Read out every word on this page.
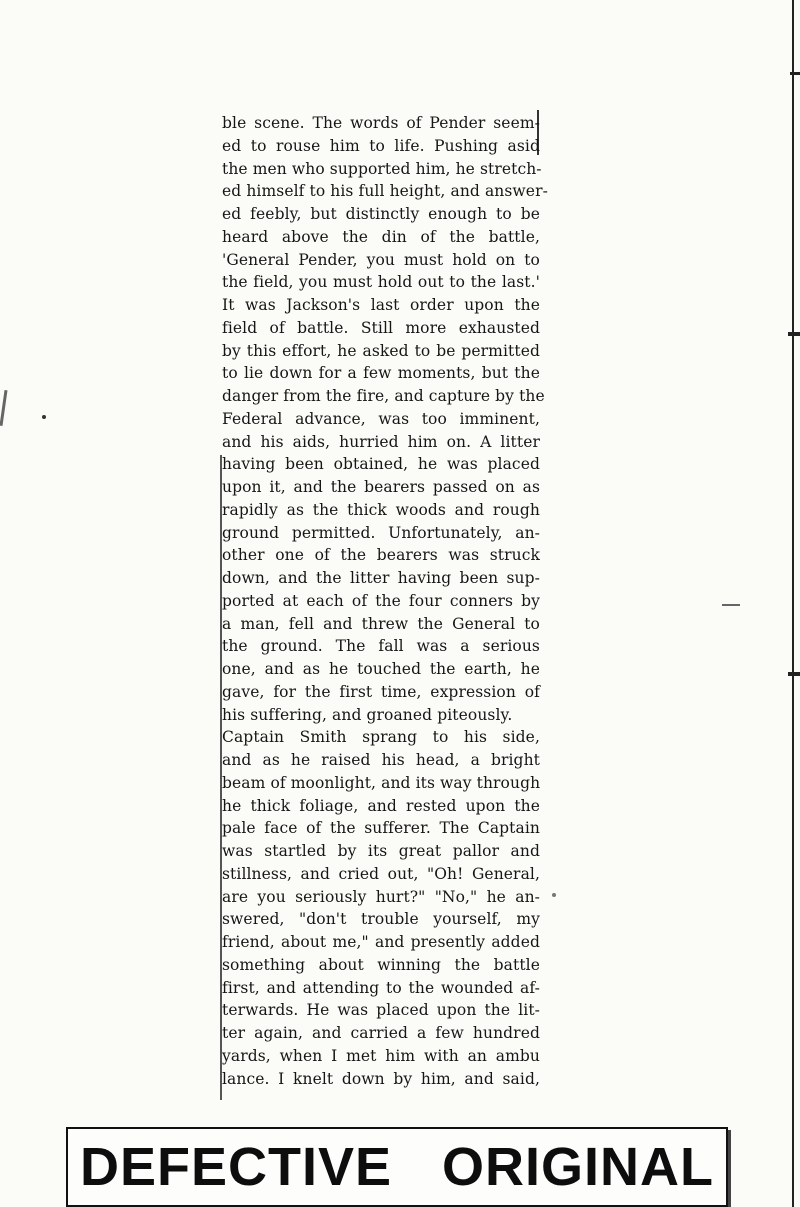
ble scene. The words of Pender seem-
ed to rouse him to life. Pushing asid
the men who supported him, he stretch-
ed himself to his full height, and answer-
ed feebly, but distinctly enough to be
heard above the din of the battle,
'General Pender, you must hold on to
the field, you must hold out to the last.'
It was Jackson's last order upon the
field of battle. Still more exhausted
by this effort, he asked to be permitted
to lie down for a few moments, but the
danger from the fire, and capture by the
Federal advance, was too imminent,
and his aids, hurried him on. A litter
having been obtained, he was placed
upon it, and the bearers passed on as
rapidly as the thick woods and rough
ground permitted. Unfortunately, an-
other one of the bearers was struck
down, and the litter having been sup-
ported at each of the four conners by
a man, fell and threw the General to
the ground. The fall was a serious
one, and as he touched the earth, he
gave, for the first time, expression of
his suffering, and groaned piteously.
Captain Smith sprang to his side,
and as he raised his head, a bright
beam of moonlight, and its way through
he thick foliage, and rested upon the
pale face of the sufferer. The Captain
was startled by its great pallor and
stillness, and cried out, "Oh! General,
are you seriously hurt?" "No," he an-
swered, "don't trouble yourself, my
friend, about me," and presently added
something about winning the battle
first, and attending to the wounded af-
terwards. He was placed upon the lit-
ter again, and carried a few hundred
yards, when I met him with an ambu
lance. I knelt down by him, and said,
DEFECTIVE ORIGINAL
